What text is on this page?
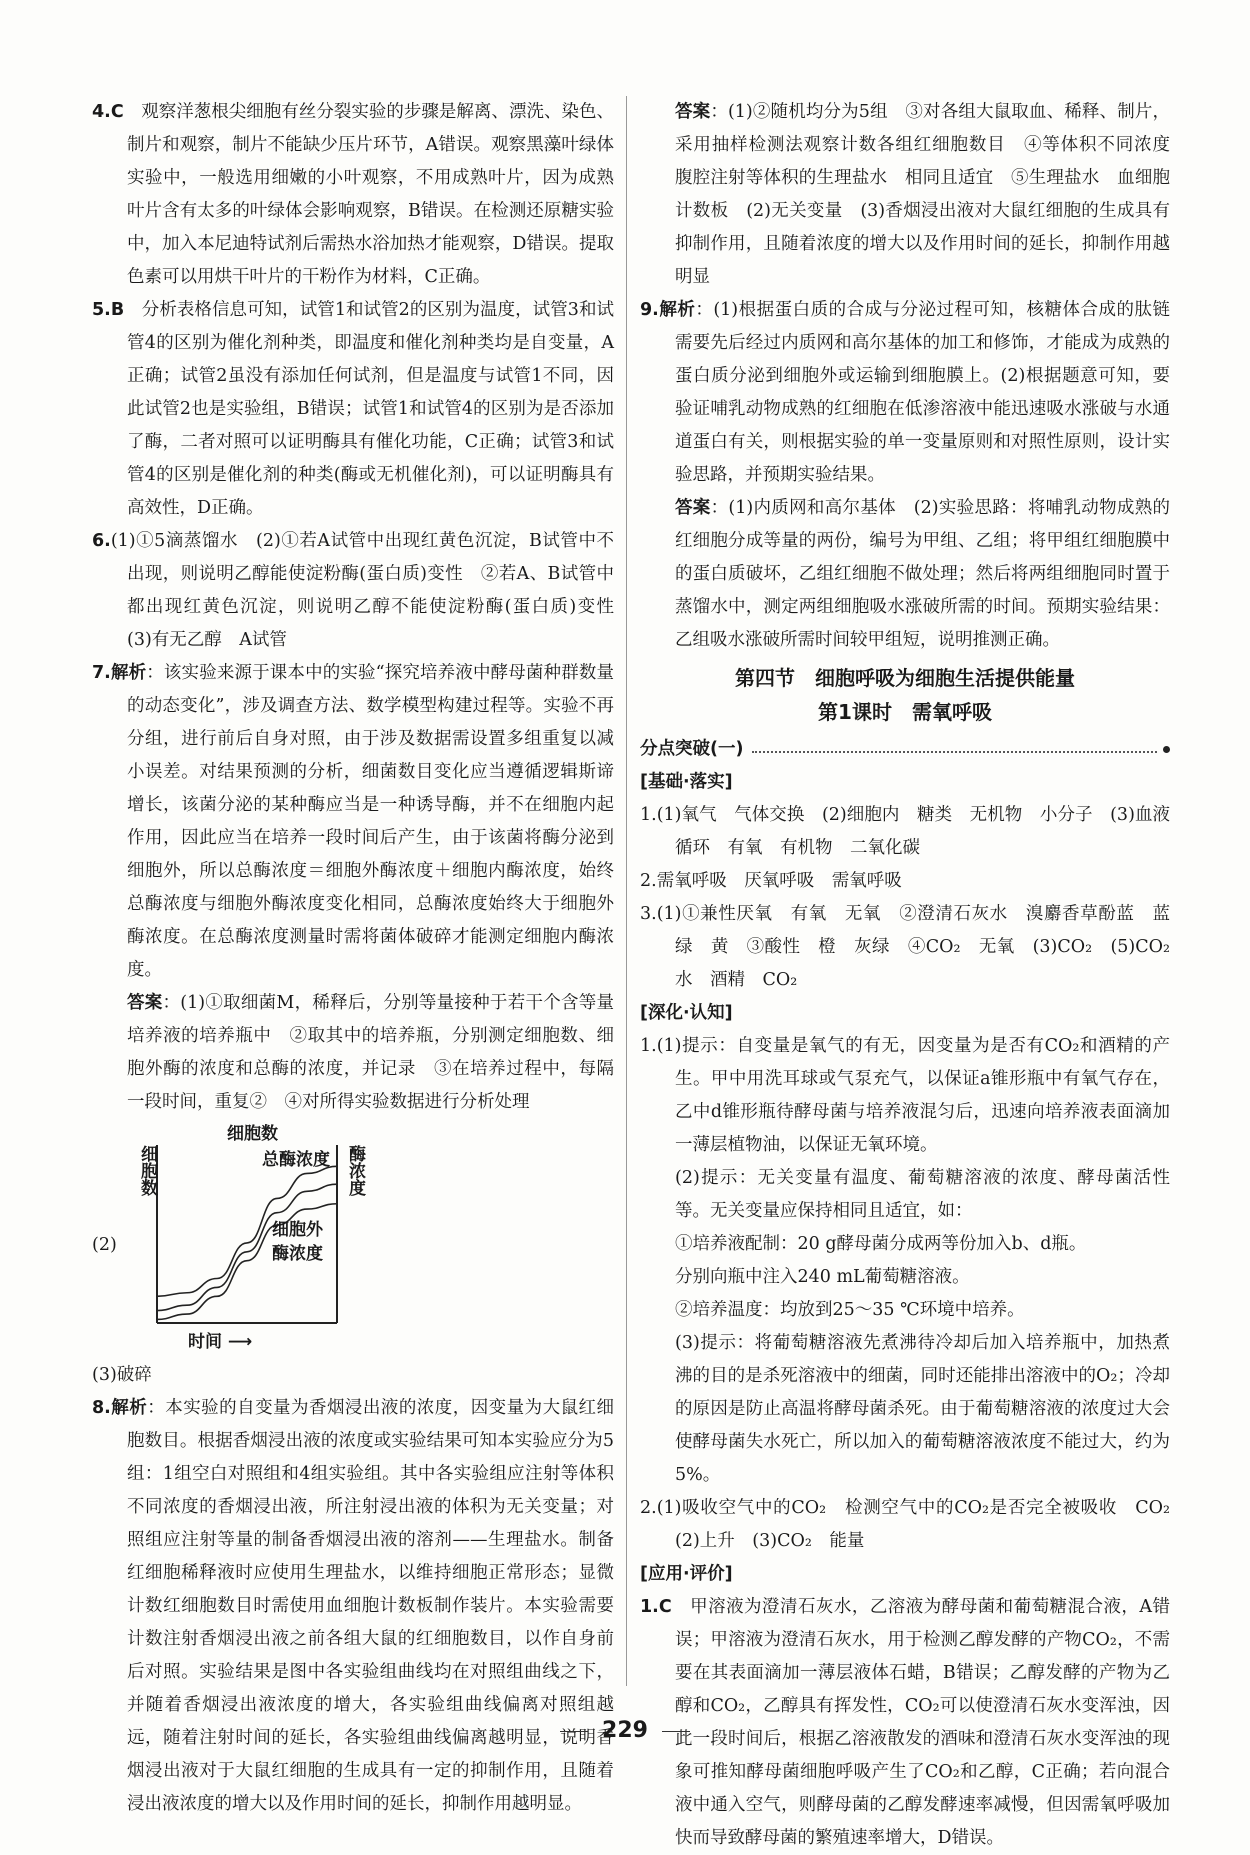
4.C　 观察洋葱根尖细胞有丝分裂实验的步骤是解离、漂洗、染色、制片和观察，制片不能缺少压片环节，A错误。观察黑藻叶绿体实验中，一般选用细嫩的小叶观察，不用成熟叶片，因为成熟叶片含有太多的叶绿体会影响观察，B错误。在检测还原糖实验中，加入本尼迪特试剂后需热水浴加热才能观察，D错误。提取色素可以用烘干叶片的干粉作为材料，C正确。

5.B　 分析表格信息可知，试管1和试管2的区别为温度，试管3和试管4的区别为催化剂种类，即温度和催化剂种类均是自变量，A正确；试管2虽没有添加任何试剂，但是温度与试管1不同，因此试管2也是实验组，B错误；试管1和试管4的区别为是否添加了酶，二者对照可以证明酶具有催化功能，C正确；试管3和试管4的区别是催化剂的种类(酶或无机催化剂)，可以证明酶具有高效性，D正确。

6.(1)①5滴蒸馏水　(2)①若A试管中出现红黄色沉淀，B试管中不出现，则说明乙醇能使淀粉酶(蛋白质)变性　②若A、B试管中都出现红黄色沉淀，则说明乙醇不能使淀粉酶(蛋白质)变性　(3)有无乙醇　A试管

7.解析：该实验来源于课本中的实验“探究培养液中酵母菌种群数量的动态变化”，涉及调查方法、数学模型构建过程等。实验不再分组，进行前后自身对照，由于涉及数据需设置多组重复以减小误差。对结果预测的分析，细菌数目变化应当遵循逻辑斯谛增长，该菌分泌的某种酶应当是一种诱导酶，并不在细胞内起作用，因此应当在培养一段时间后产生，由于该菌将酶分泌到细胞外，所以总酶浓度＝细胞外酶浓度＋细胞内酶浓度，始终总酶浓度与细胞外酶浓度变化相同，总酶浓度始终大于细胞外酶浓度。在总酶浓度测量时需将菌体破碎才能测定细胞内酶浓度。

答案：(1)①取细菌M，稀释后，分别等量接种于若干个含等量培养液的培养瓶中　②取其中的培养瓶，分别测定细胞数、细胞外酶的浓度和总酶的浓度，并记录　③在培养过程中，每隔一段时间，重复②　④对所得实验数据进行分析处理

细胞数
细胞数	酶浓度
总酶浓度
细胞外
酶浓度
时间 ⟶
(2)

(3)破碎

8.解析：本实验的自变量为香烟浸出液的浓度，因变量为大鼠红细胞数目。根据香烟浸出液的浓度或实验结果可知本实验应分为5组：1组空白对照组和4组实验组。其中各实验组应注射等体积不同浓度的香烟浸出液，所注射浸出液的体积为无关变量；对照组应注射等量的制备香烟浸出液的溶剂——生理盐水。制备红细胞稀释液时应使用生理盐水，以维持细胞正常形态；显微计数红细胞数目时需使用血细胞计数板制作装片。本实验需要计数注射香烟浸出液之前各组大鼠的红细胞数目，以作自身前后对照。实验结果是图中各实验组曲线均在对照组曲线之下，并随着香烟浸出液浓度的增大，各实验组曲线偏离对照组越远，随着注射时间的延长，各实验组曲线偏离越明显，说明香烟浸出液对于大鼠红细胞的生成具有一定的抑制作用，且随着浸出液浓度的增大以及作用时间的延长，抑制作用越明显。

答案：(1)②随机均分为5组　③对各组大鼠取血、稀释、制片，采用抽样检测法观察计数各组红细胞数目　④等体积不同浓度　腹腔注射等体积的生理盐水　相同且适宜　⑤生理盐水　血细胞计数板　(2)无关变量　(3)香烟浸出液对大鼠红细胞的生成具有抑制作用，且随着浓度的增大以及作用时间的延长，抑制作用越明显

9.解析：(1)根据蛋白质的合成与分泌过程可知，核糖体合成的肽链需要先后经过内质网和高尔基体的加工和修饰，才能成为成熟的蛋白质分泌到细胞外或运输到细胞膜上。(2)根据题意可知，要验证哺乳动物成熟的红细胞在低渗溶液中能迅速吸水涨破与水通道蛋白有关，则根据实验的单一变量原则和对照性原则，设计实验思路，并预期实验结果。

答案：(1)内质网和高尔基体　(2)实验思路：将哺乳动物成熟的红细胞分成等量的两份，编号为甲组、乙组；将甲组红细胞膜中的蛋白质破坏，乙组红细胞不做处理；然后将两组细胞同时置于蒸馏水中，测定两组细胞吸水涨破所需的时间。预期实验结果：乙组吸水涨破所需时间较甲组短，说明推测正确。

第四节　细胞呼吸为细胞生活提供能量
第1课时　需氧呼吸
分点突破(一)

[基础·落实]

1.(1)氧气　气体交换　(2)细胞内　糖类　无机物　小分子　(3)血液循环　有氧　有机物　二氧化碳

2.需氧呼吸　厌氧呼吸　需氧呼吸

3.(1)①兼性厌氧　有氧　无氧　②澄清石灰水　溴麝香草酚蓝　蓝　绿　黄　③酸性　橙　灰绿　④CO₂　无氧　(3)CO₂　(5)CO₂　水　酒精　CO₂

[深化·认知]

1.(1)提示：自变量是氧气的有无，因变量为是否有CO₂和酒精的产生。甲中用洗耳球或气泵充气，以保证a锥形瓶中有氧气存在，乙中d锥形瓶待酵母菌与培养液混匀后，迅速向培养液表面滴加一薄层植物油，以保证无氧环境。

(2)提示：无关变量有温度、葡萄糖溶液的浓度、酵母菌活性等。无关变量应保持相同且适宜，如：

①培养液配制：20 g酵母菌分成两等份加入b、d瓶。

分别向瓶中注入240 mL葡萄糖溶液。

②培养温度：均放到25～35 ℃环境中培养。

(3)提示：将葡萄糖溶液先煮沸待冷却后加入培养瓶中，加热煮沸的目的是杀死溶液中的细菌，同时还能排出溶液中的O₂；冷却的原因是防止高温将酵母菌杀死。由于葡萄糖溶液的浓度过大会使酵母菌失水死亡，所以加入的葡萄糖溶液浓度不能过大，约为5%。

2.(1)吸收空气中的CO₂　检测空气中的CO₂是否完全被吸收　CO₂　(2)上升　(3)CO₂　能量

[应用·评价]

1.C　 甲溶液为澄清石灰水，乙溶液为酵母菌和葡萄糖混合液，A错误；甲溶液为澄清石灰水，用于检测乙醇发酵的产物CO₂，不需要在其表面滴加一薄层液体石蜡，B错误；乙醇发酵的产物为乙醇和CO₂，乙醇具有挥发性，CO₂可以使澄清石灰水变浑浊，因此一段时间后，根据乙溶液散发的酒味和澄清石灰水变浑浊的现象可推知酵母菌细胞呼吸产生了CO₂和乙醇，C正确；若向混合液中通入空气，则酵母菌的乙醇发酵速率减慢，但因需氧呼吸加快而导致酵母菌的繁殖速率增大，D错误。

229
